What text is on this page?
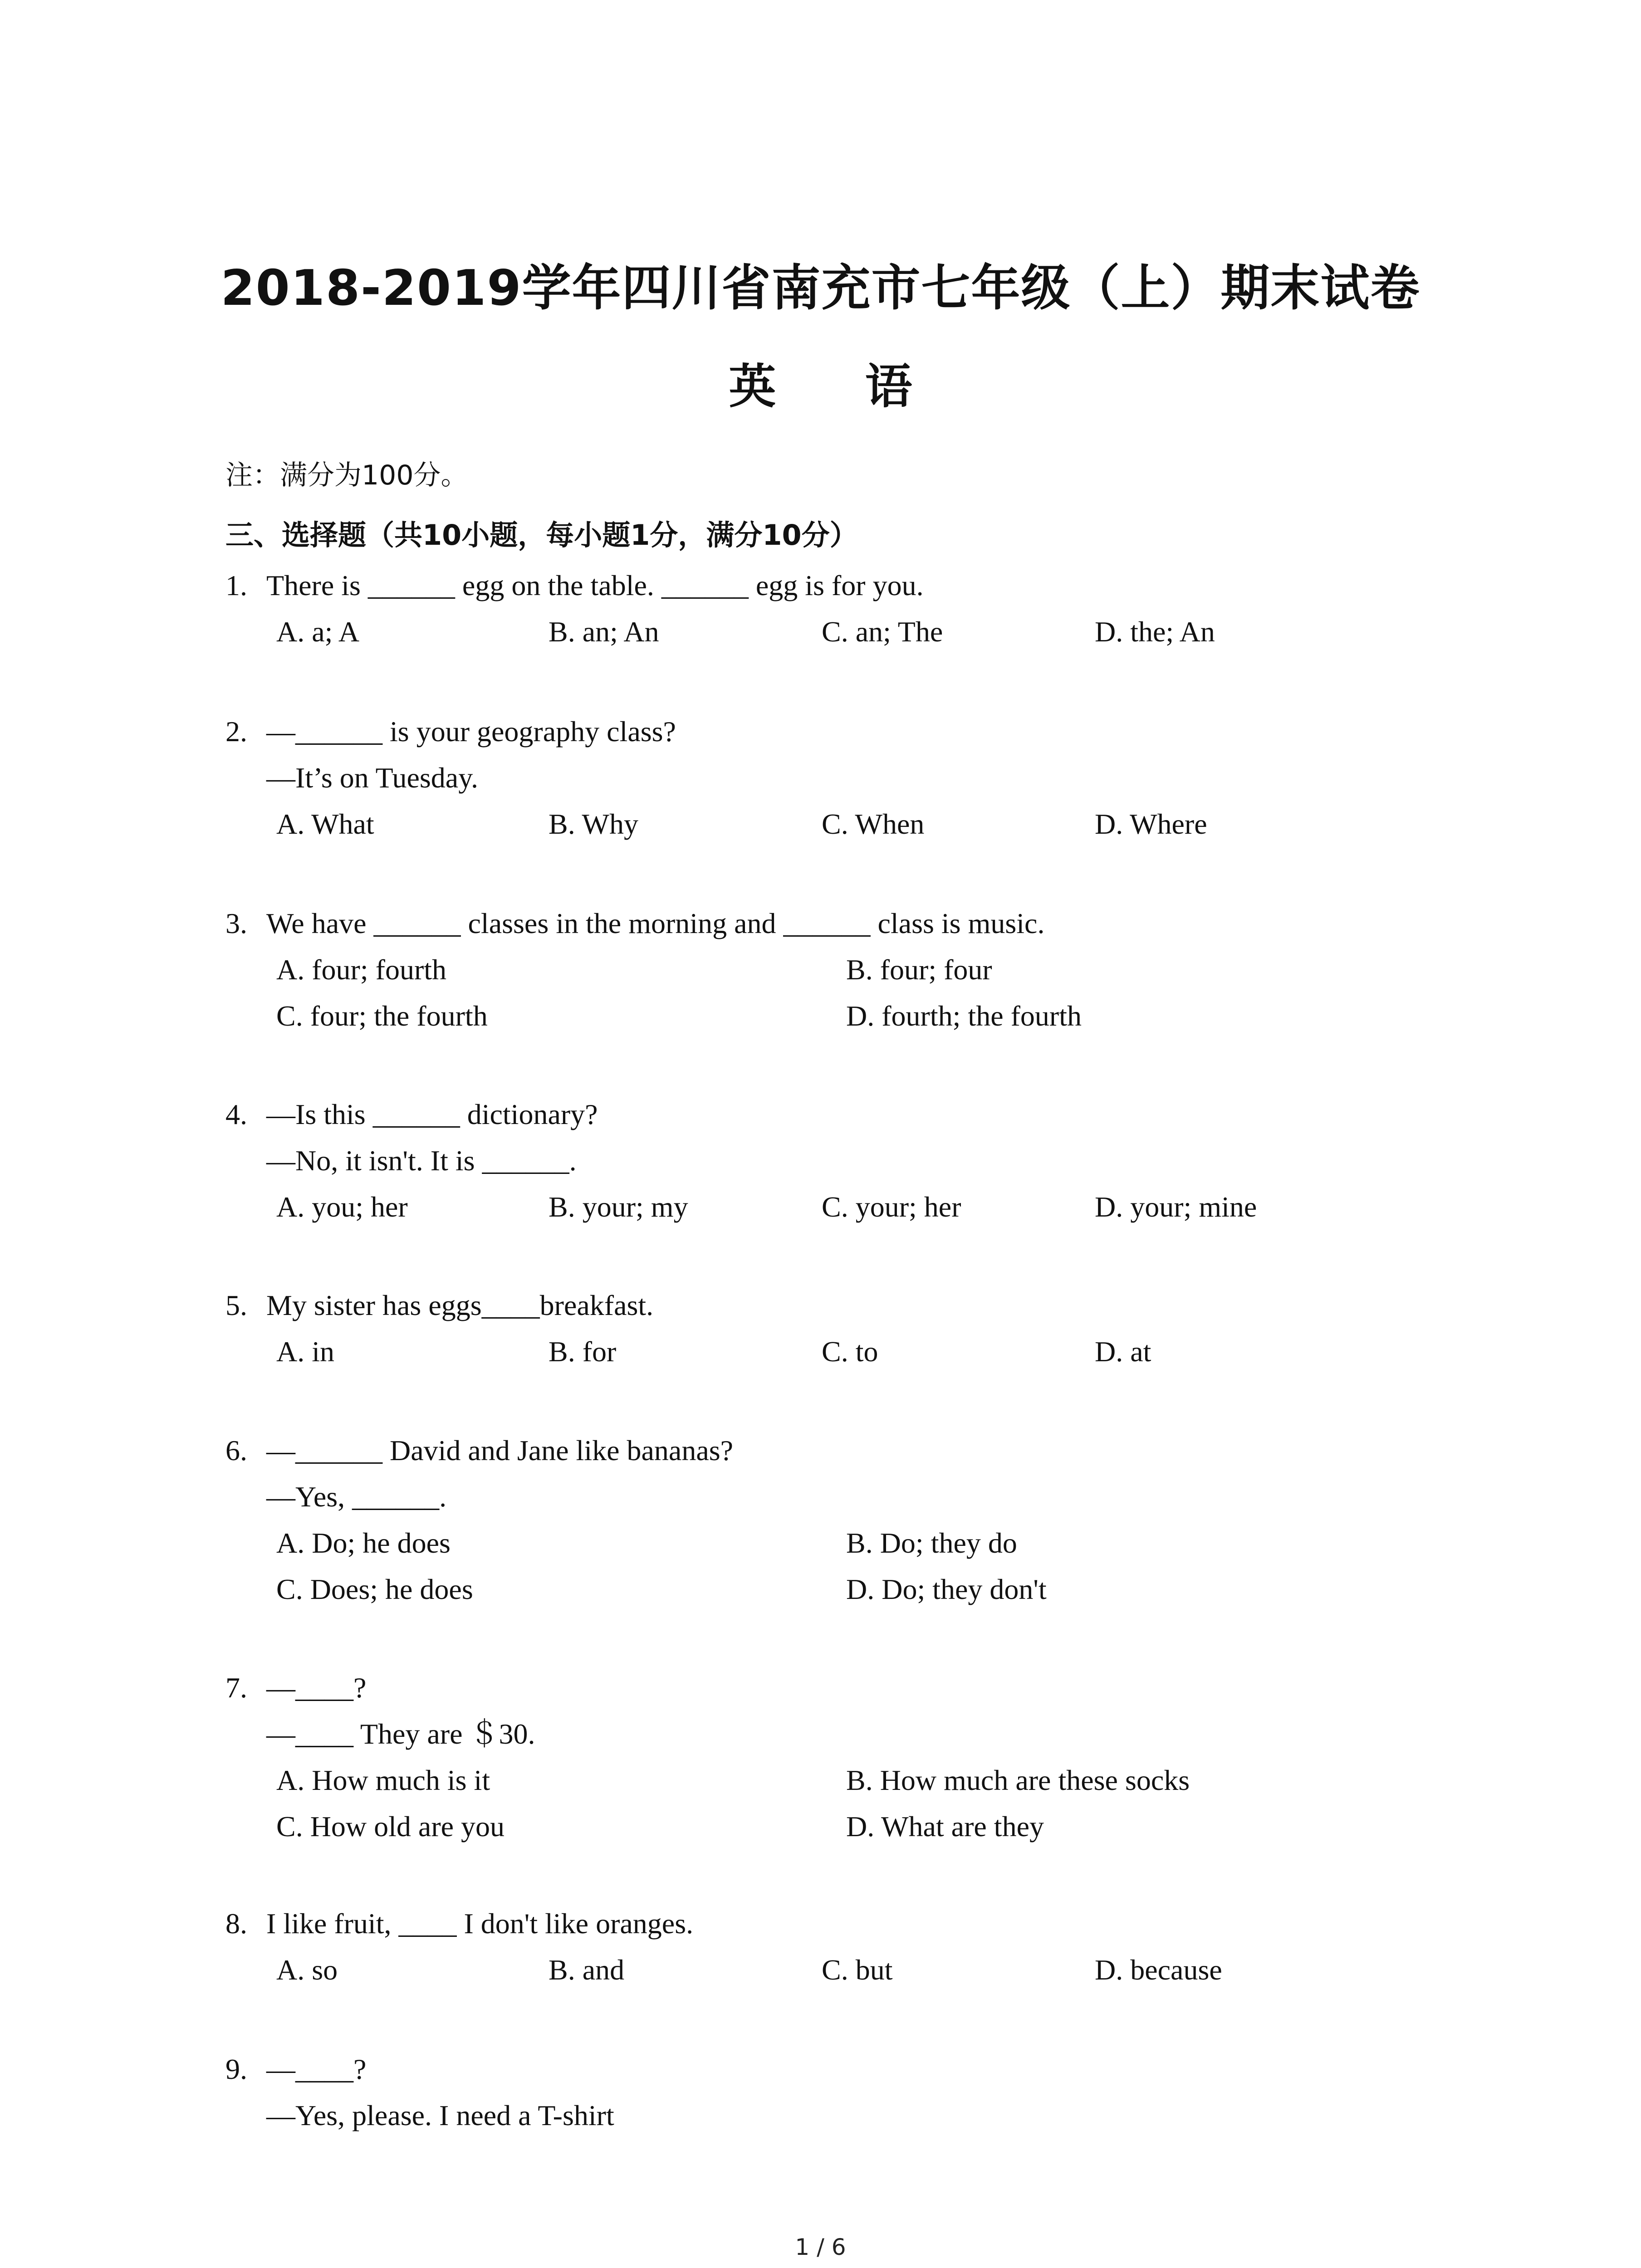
2018-2019学年四川省南充市七年级（上）期末试卷
英 语
注：满分为100分。
三、选择题（共10小题，每小题1分，满分10分）
1. There is ______ egg on the table. ______ egg is for you.
A. a; A	B. an; An	C. an; The	D. the; An
2. —______ is your geography class?
—It’s on Tuesday.
A. What	B. Why	C. When	D. Where
3. We have ______ classes in the morning and ______ class is music.
A. four; fourth	B. four; four
C. four; the fourth	D. fourth; the fourth
4. —Is this ______ dictionary?
—No, it isn't. It is ______.
A. you; her	B. your; my	C. your; her	D. your; mine
5. My sister has eggs____breakfast.
A. in	B. for	C. to	D. at
6. —______ David and Jane like bananas?
—Yes, ______.
A. Do; he does	B. Do; they do
C. Does; he does	D. Do; they don't
7. —____?
—____ They are ＄30.
A. How much is it	B. How much are these socks
C. How old are you	D. What are they
8. I like fruit, ____ I don't like oranges.
A. so	B. and	C. but	D. because
9. —____?
—Yes, please. I need a T-shirt
1 / 6
